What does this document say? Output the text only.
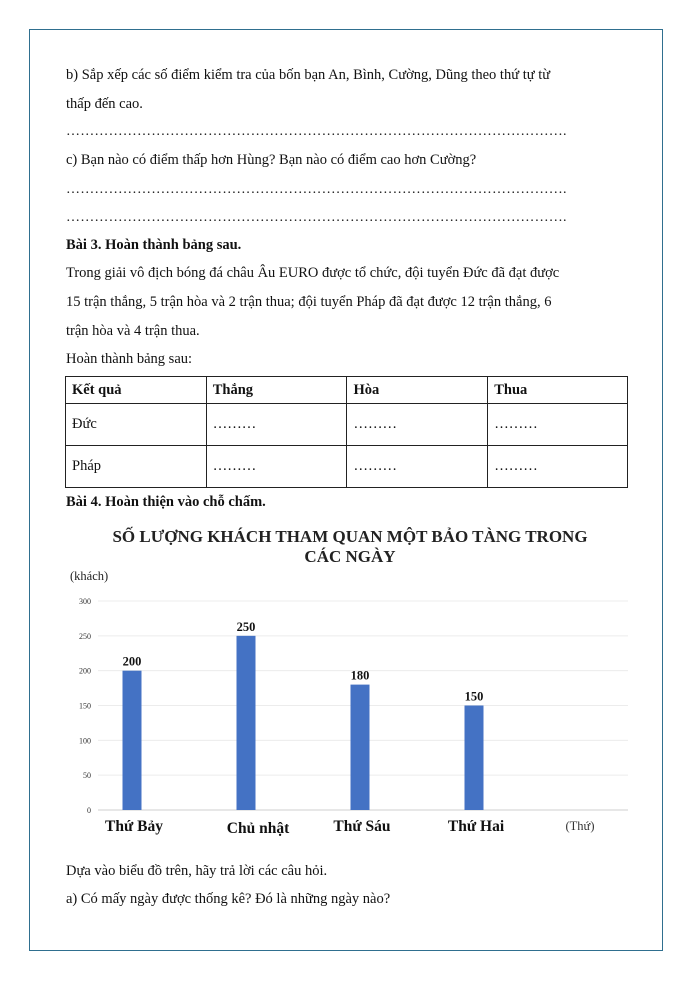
b) Sắp xếp các số điểm kiểm tra của bốn bạn An, Bình, Cường, Dũng theo thứ tự từ
thấp đến cao.
…………………………………………………………………………………………….
c) Bạn nào có điểm thấp hơn Hùng? Bạn nào có điểm cao hơn Cường?
…………………………………………………………………………………………….
…………………………………………………………………………………………….
Bài 3. Hoàn thành bảng sau.
Trong giải vô địch bóng đá châu Âu EURO được tổ chức, đội tuyển Đức đã đạt được
15 trận thắng, 5 trận hòa và 2 trận thua; đội tuyển Pháp đã đạt được 12 trận thắng, 6
trận hòa và 4 trận thua.
Hoàn thành bảng sau:
Kết quả	Thắng	Hòa	Thua
Đức	………	………	………
Pháp	………	………	………
Bài 4. Hoàn thiện vào chỗ chấm.
SỐ LƯỢNG KHÁCH THAM QUAN MỘT BẢO TÀNG TRONG
CÁC NGÀY
(khách)
0
50
100
150
200
250
300
200
Thứ Bảy
250
Chủ nhật
180
Thứ Sáu
150
Thứ Hai	(Thứ)
Dựa vào biểu đồ trên, hãy trả lời các câu hỏi.
a) Có mấy ngày được thống kê? Đó là những ngày nào?
